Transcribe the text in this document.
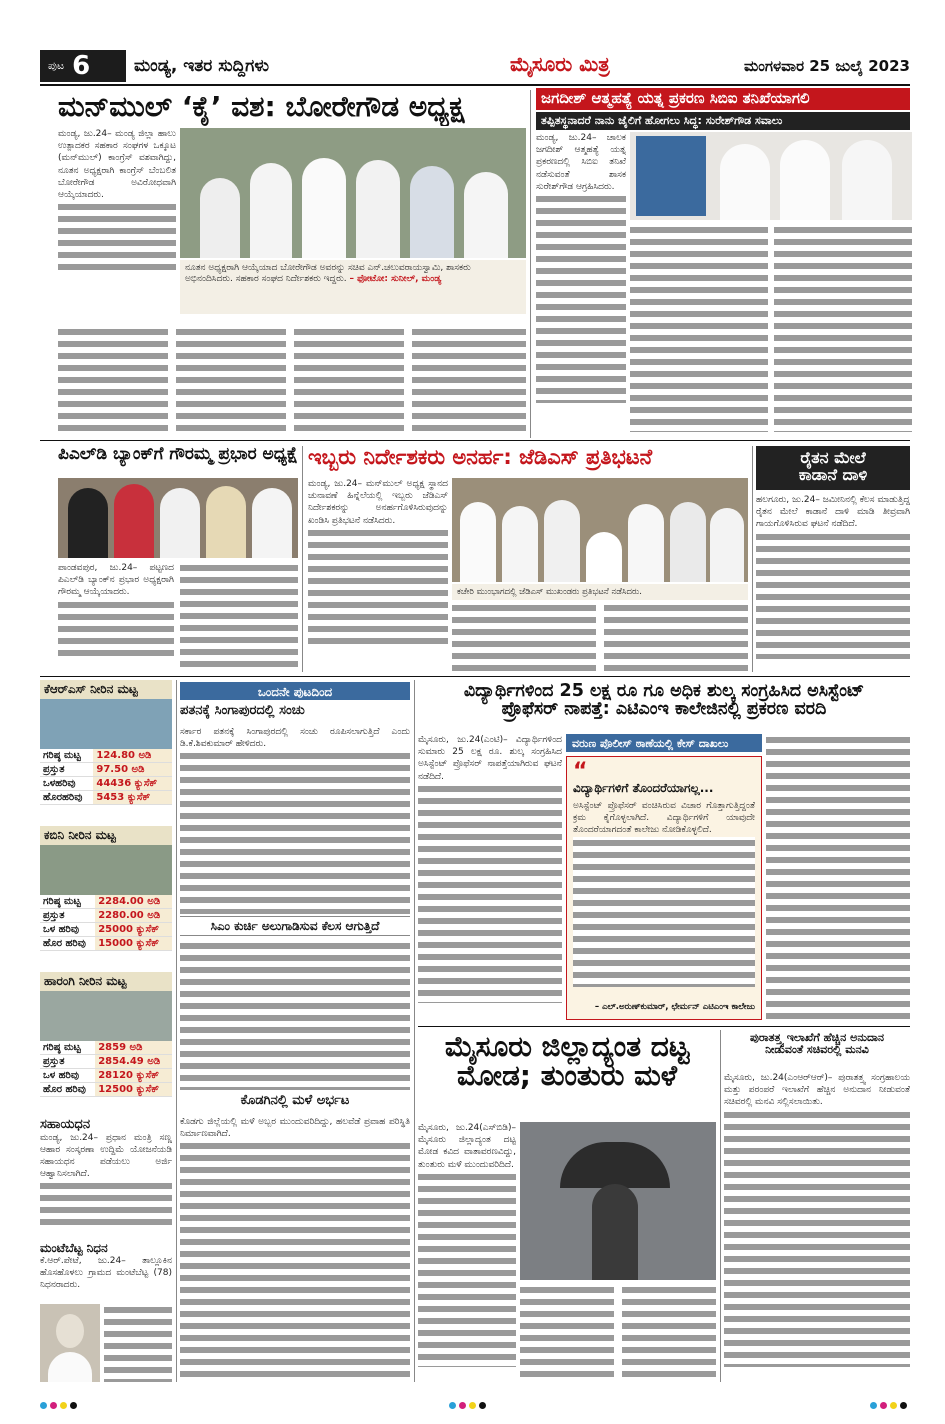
ಪುಟ 6	ಮಂಡ್ಯ, ಇತರ ಸುದ್ದಿಗಳು	ಮೈಸೂರು ಮಿತ್ರ	ಮಂಗಳವಾರ 25 ಜುಲೈ 2023
ಮನ್‌ಮುಲ್ ‘ಕೈ’ ವಶ: ಬೋರೇಗೌಡ ಅಧ್ಯಕ್ಷ

ಮಂಡ್ಯ, ಜು.24– ಮಂಡ್ಯ ಜಿಲ್ಲಾ ಹಾಲು ಉತ್ಪಾದಕರ ಸಹಕಾರ ಸಂಘಗಳ ಒಕ್ಕೂಟ (ಮನ್‌ಮುಲ್) ಕಾಂಗ್ರೆಸ್ ವಶವಾಗಿದ್ದು, ನೂತನ ಅಧ್ಯಕ್ಷರಾಗಿ ಕಾಂಗ್ರೆಸ್ ಬೆಂಬಲಿತ ಬೋರೇಗೌಡ ಅವಿರೋಧವಾಗಿ ಆಯ್ಕೆಯಾದರು.

ನೂತನ ಅಧ್ಯಕ್ಷರಾಗಿ ಆಯ್ಕೆಯಾದ ಬೋರೇಗೌಡ ಅವರನ್ನು ಸಚಿವ ಎನ್.ಚಲುವರಾಯಸ್ವಾಮಿ, ಶಾಸಕರು ಅಭಿನಂದಿಸಿದರು. ಸಹಕಾರ ಸಂಘದ ನಿರ್ದೇಶಕರು ಇದ್ದರು. – ಫೋಟೋ: ಸುನೀಲ್, ಮಂಡ್ಯ
ಜಗದೀಶ್ ಆತ್ಮಹತ್ಯೆ ಯತ್ನ ಪ್ರಕರಣ ಸಿಬಿಐ ತನಿಖೆಯಾಗಲಿ
ತಪ್ಪಿತಸ್ಥನಾದರೆ ನಾನು ಜೈಲಿಗೆ ಹೋಗಲು ಸಿದ್ಧ: ಸುರೇಶ್‌ಗೌಡ ಸವಾಲು

ಮಂಡ್ಯ, ಜು.24– ಚಾಲಕ ಜಗದೀಶ್ ಆತ್ಮಹತ್ಯೆ ಯತ್ನ ಪ್ರಕರಣದಲ್ಲಿ ಸಿಬಿಐ ತನಿಖೆ ನಡೆಸುವಂತೆ ಶಾಸಕ ಸುರೇಶ್‌ಗೌಡ ಆಗ್ರಹಿಸಿದರು.

ಪಿಎಲ್‌ಡಿ ಬ್ಯಾಂಕ್‌ಗೆ ಗೌರಮ್ಮ ಪ್ರಭಾರ ಅಧ್ಯಕ್ಷೆ

ಪಾಂಡವಪುರ, ಜು.24– ಪಟ್ಟಣದ ಪಿಎಲ್‌ಡಿ ಬ್ಯಾಂಕ್‌ನ ಪ್ರಭಾರ ಅಧ್ಯಕ್ಷರಾಗಿ ಗೌರಮ್ಮ ಆಯ್ಕೆಯಾದರು.

ಇಬ್ಬರು ನಿರ್ದೇಶಕರು ಅನರ್ಹ: ಜೆಡಿಎಸ್ ಪ್ರತಿಭಟನೆ

ಮಂಡ್ಯ, ಜು.24– ಮನ್‌ಮುಲ್ ಅಧ್ಯಕ್ಷ ಸ್ಥಾನದ ಚುನಾವಣೆ ಹಿನ್ನೆಲೆಯಲ್ಲಿ ಇಬ್ಬರು ಜೆಡಿಎಸ್ ನಿರ್ದೇಶಕರನ್ನು ಅನರ್ಹಗೊಳಿಸಿರುವುದನ್ನು ಖಂಡಿಸಿ ಪ್ರತಿಭಟನೆ ನಡೆಸಿದರು.

ಕಚೇರಿ ಮುಂಭಾಗದಲ್ಲಿ ಜೆಡಿಎಸ್ ಮುಖಂಡರು ಪ್ರತಿಭಟನೆ ನಡೆಸಿದರು.
ರೈತನ ಮೇಲೆ
ಕಾಡಾನೆ ದಾಳಿ

ಹಲಗೂರು, ಜು.24– ಜಮೀನಿನಲ್ಲಿ ಕೆಲಸ ಮಾಡುತ್ತಿದ್ದ ರೈತನ ಮೇಲೆ ಕಾಡಾನೆ ದಾಳಿ ಮಾಡಿ ತೀವ್ರವಾಗಿ ಗಾಯಗೊಳಿಸಿರುವ ಘಟನೆ ನಡೆದಿದೆ.

ಕೆಆರ್‌ಎಸ್ ನೀರಿನ ಮಟ್ಟ
ಗರಿಷ್ಠ ಮಟ್ಟ	124.80 ಅಡಿ
ಪ್ರಸ್ತುತ	97.50 ಅಡಿ
ಒಳಹರಿವು	44436 ಕ್ಯುಸೆಕ್
ಹೊರಹರಿವು	5453 ಕ್ಯುಸೆಕ್
ಕಬಿನಿ ನೀರಿನ ಮಟ್ಟ
ಗರಿಷ್ಠ ಮಟ್ಟ	2284.00 ಅಡಿ
ಪ್ರಸ್ತುತ	2280.00 ಅಡಿ
ಒಳ ಹರಿವು	25000 ಕ್ಯುಸೆಕ್
ಹೊರ ಹರಿವು	15000 ಕ್ಯುಸೆಕ್
ಹಾರಂಗಿ ನೀರಿನ ಮಟ್ಟ
ಗರಿಷ್ಠ ಮಟ್ಟ	2859 ಅಡಿ
ಪ್ರಸ್ತುತ	2854.49 ಅಡಿ
ಒಳ ಹರಿವು	28120 ಕ್ಯುಸೆಕ್
ಹೊರ ಹರಿವು	12500 ಕ್ಯುಸೆಕ್
ಸಹಾಯಧನ

ಮಂಡ್ಯ, ಜು.24– ಪ್ರಧಾನ ಮಂತ್ರಿ ಸಣ್ಣ ಆಹಾರ ಸಂಸ್ಕರಣಾ ಉದ್ದಿಮೆ ಯೋಜನೆಯಡಿ ಸಹಾಯಧನ ಪಡೆಯಲು ಅರ್ಜಿ ಆಹ್ವಾನಿಸಲಾಗಿದೆ.

ಮಂಟೆಬೆಟ್ಟ ನಿಧನ

ಕೆ.ಆರ್.ಪೇಟೆ, ಜು.24– ತಾಲ್ಲೂಕಿನ ಹೊಸಹೊಳಲು ಗ್ರಾಮದ ಮಂಟೆಬೆಟ್ಟ (78) ನಿಧನರಾದರು.

ಒಂದನೇ ಪುಟದಿಂದ
ಪತನಕ್ಕೆ ಸಿಂಗಾಪುರದಲ್ಲಿ ಸಂಚು

ಸರ್ಕಾರ ಪತನಕ್ಕೆ ಸಿಂಗಾಪುರದಲ್ಲಿ ಸಂಚು ರೂಪಿಸಲಾಗುತ್ತಿದೆ ಎಂದು ಡಿ.ಕೆ.ಶಿವಕುಮಾರ್ ಹೇಳಿದರು.

ಸಿಎಂ ಕುರ್ಚಿ ಅಲುಗಾಡಿಸುವ ಕೆಲಸ ಆಗುತ್ತಿದೆ
ಕೊಡಗಿನಲ್ಲಿ ಮಳೆ ಅರ್ಭಟ

ಕೊಡಗು ಜಿಲ್ಲೆಯಲ್ಲಿ ಮಳೆ ಅಬ್ಬರ ಮುಂದುವರಿದಿದ್ದು, ಹಲವೆಡೆ ಪ್ರವಾಹ ಪರಿಸ್ಥಿತಿ ನಿರ್ಮಾಣವಾಗಿದೆ.

ವಿದ್ಯಾರ್ಥಿಗಳಿಂದ 25 ಲಕ್ಷ ರೂ ಗೂ ಅಧಿಕ ಶುಲ್ಕ ಸಂಗ್ರಹಿಸಿದ ಅಸಿಸ್ಟೆಂಟ್
ಪ್ರೊಫೆಸರ್ ನಾಪತ್ತೆ: ಎಟಿಎಂಇ ಕಾಲೇಜಿನಲ್ಲಿ ಪ್ರಕರಣ ವರದಿ

ಮೈಸೂರು, ಜು.24(ಎಂಟಿ)– ವಿದ್ಯಾರ್ಥಿಗಳಿಂದ ಸುಮಾರು 25 ಲಕ್ಷ ರೂ. ಶುಲ್ಕ ಸಂಗ್ರಹಿಸಿದ ಅಸಿಸ್ಟೆಂಟ್ ಪ್ರೊಫೆಸರ್ ನಾಪತ್ತೆಯಾಗಿರುವ ಘಟನೆ ನಡೆದಿದೆ.

ವರುಣ ಪೊಲೀಸ್ ಠಾಣೆಯಲ್ಲಿ ಕೇಸ್ ದಾಖಲು
“
ವಿದ್ಯಾರ್ಥಿಗಳಿಗೆ ತೊಂದರೆಯಾಗಲ್ಲ...

ಅಸಿಸ್ಟೆಂಟ್ ಪ್ರೊಫೆಸರ್ ವಂಚಿಸಿರುವ ವಿಚಾರ ಗೊತ್ತಾಗುತ್ತಿದ್ದಂತೆ ಕ್ರಮ ಕೈಗೊಳ್ಳಲಾಗಿದೆ. ವಿದ್ಯಾರ್ಥಿಗಳಿಗೆ ಯಾವುದೇ ತೊಂದರೆಯಾಗದಂತೆ ಕಾಲೇಜು ನೋಡಿಕೊಳ್ಳಲಿದೆ.

– ಎಲ್.ಅರುಣ್‌ಕುಮಾರ್, ಛೇರ್ಮನ್ ಎಟಿಎಂಇ ಕಾಲೇಜು
ಮೈಸೂರು ಜಿಲ್ಲಾದ್ಯಂತ ದಟ್ಟ
ಮೋಡ; ತುಂತುರು ಮಳೆ

ಮೈಸೂರು, ಜು.24(ಎಸ್‌ಬಿಡಿ)– ಮೈಸೂರು ಜಿಲ್ಲಾದ್ಯಂತ ದಟ್ಟ ಮೋಡ ಕವಿದ ವಾತಾವರಣವಿದ್ದು, ತುಂತುರು ಮಳೆ ಮುಂದುವರಿದಿದೆ.

ಪುರಾತತ್ತ್ವ ಇಲಾಖೆಗೆ ಹೆಚ್ಚಿನ ಅನುದಾನ
ನೀಡುವಂತೆ ಸಚಿವರಲ್ಲಿ ಮನವಿ

ಮೈಸೂರು, ಜು.24(ಎಂಆರ್‌ಆರ್)– ಪುರಾತತ್ತ್ವ ಸಂಗ್ರಹಾಲಯ ಮತ್ತು ಪರಂಪರೆ ಇಲಾಖೆಗೆ ಹೆಚ್ಚಿನ ಅನುದಾನ ನೀಡುವಂತೆ ಸಚಿವರಲ್ಲಿ ಮನವಿ ಸಲ್ಲಿಸಲಾಯಿತು.
